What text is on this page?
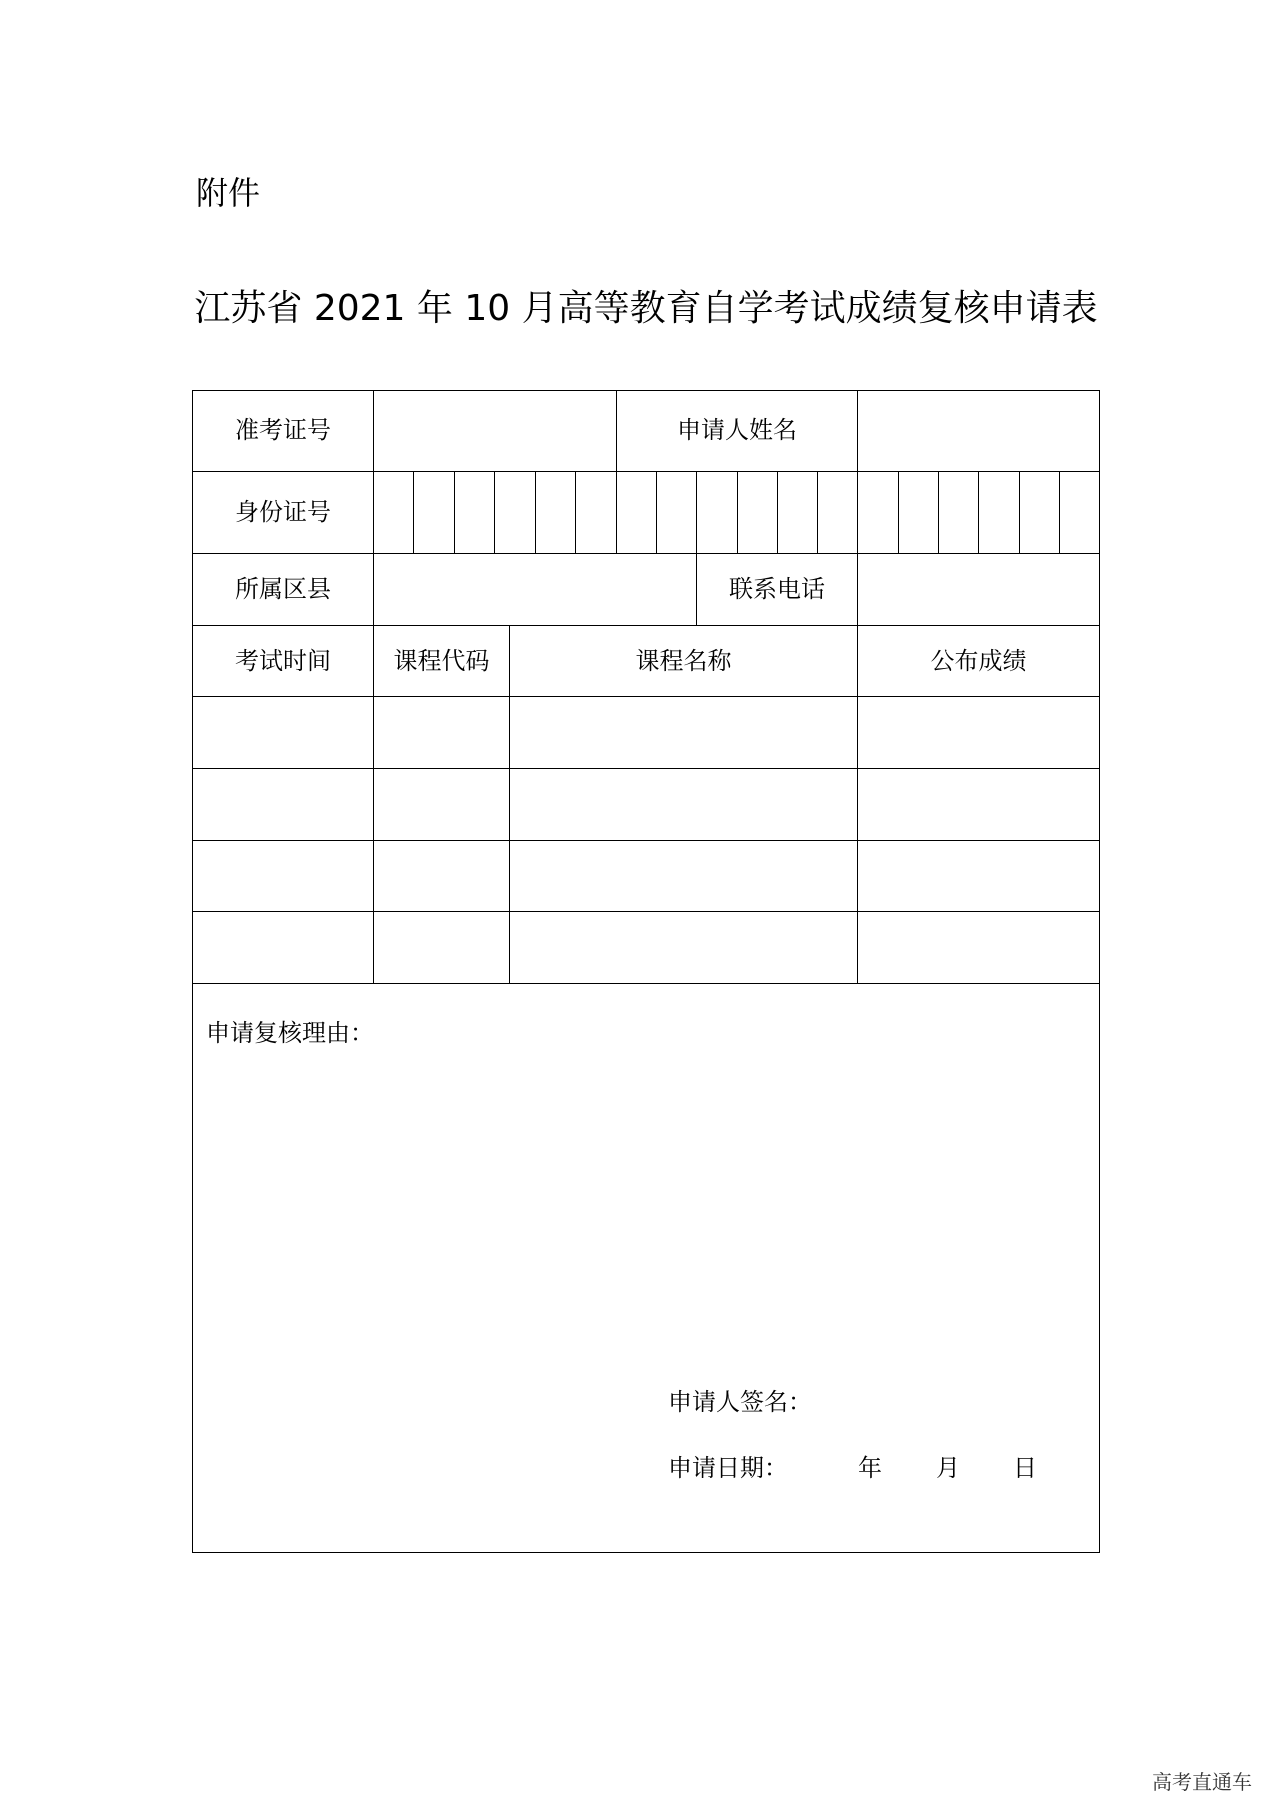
附件
江苏省 2021 年 10 月高等教育自学考试成绩复核申请表
准考证号	申请人姓名
身份证号
所属区县	联系电话
考试时间	课程代码	课程名称	公布成绩
申请复核理由：
申请人签名：
申请日期：	年 月 日
高考直通车
